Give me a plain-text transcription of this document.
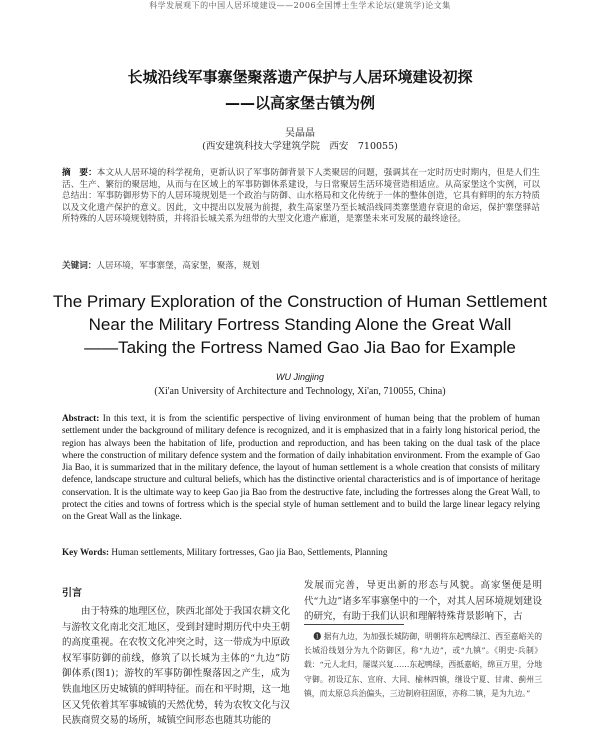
科学发展观下的中国人居环境建设——2006全国博士生学术论坛(建筑学)论文集
长城沿线军事寨堡聚落遗产保护与人居环境建设初探
——以高家堡古镇为例
吴晶晶
(西安建筑科技大学建筑学院　西安　710055)
摘　要：本文从人居环境的科学视角，更新认识了军事防御背景下人类聚居的问题，强调其在一定时历史时期内，但是人们生活、生产、繁衍的聚居地，从而与在区域上的军事防御体系建设，与日常聚居生活环境营造相适应。从高家堡这个实例，可以总结出：军事防御形势下的人居环境规划是一个政治与防御、山水格局和文化传统于一体的整体创造，它具有鲜明的东方特质以及文化遗产保护的意义。因此，文中提出以发展为前提，救生高家堡乃至长城沿线同类寨堡遗存衰退的命运，保护寨堡驿站所特殊的人居环境规划特质，并将沿长城关系为纽带的大型文化遗产廊道，是寨堡未来可发展的最终途径。
关键词：人居环境，军事寨堡，高家堡，聚落，规划
The Primary Exploration of the Construction of Human Settlement
Near the Military Fortress Standing Alone the Great Wall
——Taking the Fortress Named Gao Jia Bao for Example
WU Jingjing
(Xi'an University of Architecture and Technology, Xi'an, 710055, China)
Abstract: In this text, it is from the scientific perspective of living environment of human being that the problem of human settlement under the background of military defence is recognized, and it is emphasized that in a fairly long historical period, the region has always been the habitation of life, production and reproduction, and has been taking on the dual task of the place where the construction of military defence system and the formation of daily inhabitation environment. From the example of Gao Jia Bao, it is summarized that in the military defence, the layout of human settlement is a whole creation that consists of military defence, landscape structure and cultural beliefs, which has the distinctive oriental characteristics and is of importance of heritage conservation. It is the ultimate way to keep Gao jia Bao from the destructive fate, including the fortresses along the Great Wall, to protect the cities and towns of fortress which is the special style of human settlement and to build the large linear legacy relying on the Great Wall as the linkage.
Key Words: Human settlements, Military fortresses, Gao jia Bao, Settlements, Planning
引言
由于特殊的地理区位，陕西北部处于我国农耕文化与游牧文化南北交汇地区，受到封建时期历代中央王朝的高度重视。在农牧文化冲突之时，这一带成为中原政权军事防御的前线，修筑了以长城为主体的“九边”防御体系(图1)；游牧的军事防御性聚落因之产生，成为铁血地区历史城镇的鲜明特征。而在和平时期，这一地区又凭依着其军事城镇的天然优势，转为农牧文化与汉民族商贸交易的场所，城镇空间形态也随其功能的
发展而完善，导更出新的形态与风貌。高家堡便是明代“九边”诸多军事寨堡中的一个，对其人居环境规划建设的研究，有助于我们认识和理解特殊背景影响下，古
❶ 据有九边，为加强长城防御，明朝将东起鸭绿江、西至嘉峪关的长城沿线划分为九个防御区，称“九边”，或“九镇”。《明史·兵制》载：“元人北归，屡谋兴复……东起鸭绿，西抵嘉峪，绵亘万里，分地守御。初设辽东、宣府、大同、榆林四镇，继设宁夏、甘肃、蓟州三镇，而太原总兵治偏头，三边制府驻固原，亦称二镇，是为九边。”
